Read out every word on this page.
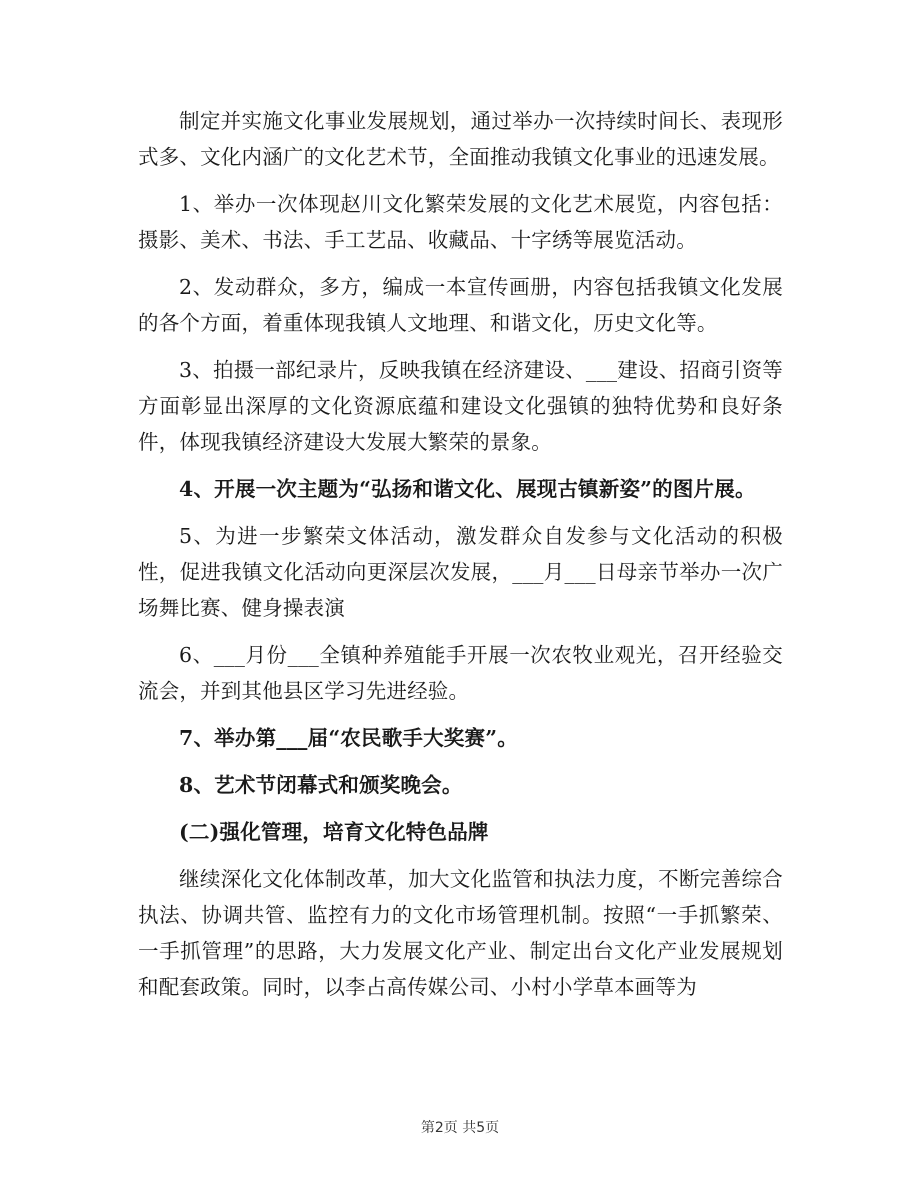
制定并实施文化事业发展规划，通过举办一次持续时间长、表现形式多、文化内涵广的文化艺术节，全面推动我镇文化事业的迅速发展。

1、举办一次体现赵川文化繁荣发展的文化艺术展览，内容包括：摄影、美术、书法、手工艺品、收藏品、十字绣等展览活动。

2、发动群众，多方，编成一本宣传画册，内容包括我镇文化发展的各个方面，着重体现我镇人文地理、和谐文化，历史文化等。

3、拍摄一部纪录片，反映我镇在经济建设、___建设、招商引资等方面彰显出深厚的文化资源底蕴和建设文化强镇的独特优势和良好条件，体现我镇经济建设大发展大繁荣的景象。

4、开展一次主题为“弘扬和谐文化、展现古镇新姿”的图片展。

5、为进一步繁荣文体活动，激发群众自发参与文化活动的积极性，促进我镇文化活动向更深层次发展，___月___日母亲节举办一次广场舞比赛、健身操表演

6、___月份___全镇种养殖能手开展一次农牧业观光，召开经验交流会，并到其他县区学习先进经验。

7、举办第___届“农民歌手大奖赛”。

8、艺术节闭幕式和颁奖晚会。

(二)强化管理，培育文化特色品牌

继续深化文化体制改革，加大文化监管和执法力度，不断完善综合执法、协调共管、监控有力的文化市场管理机制。按照“一手抓繁荣、一手抓管理”的思路，大力发展文化产业、制定出台文化产业发展规划和配套政策。同时，以李占高传媒公司、小村小学草本画等为

第2页 共5页
